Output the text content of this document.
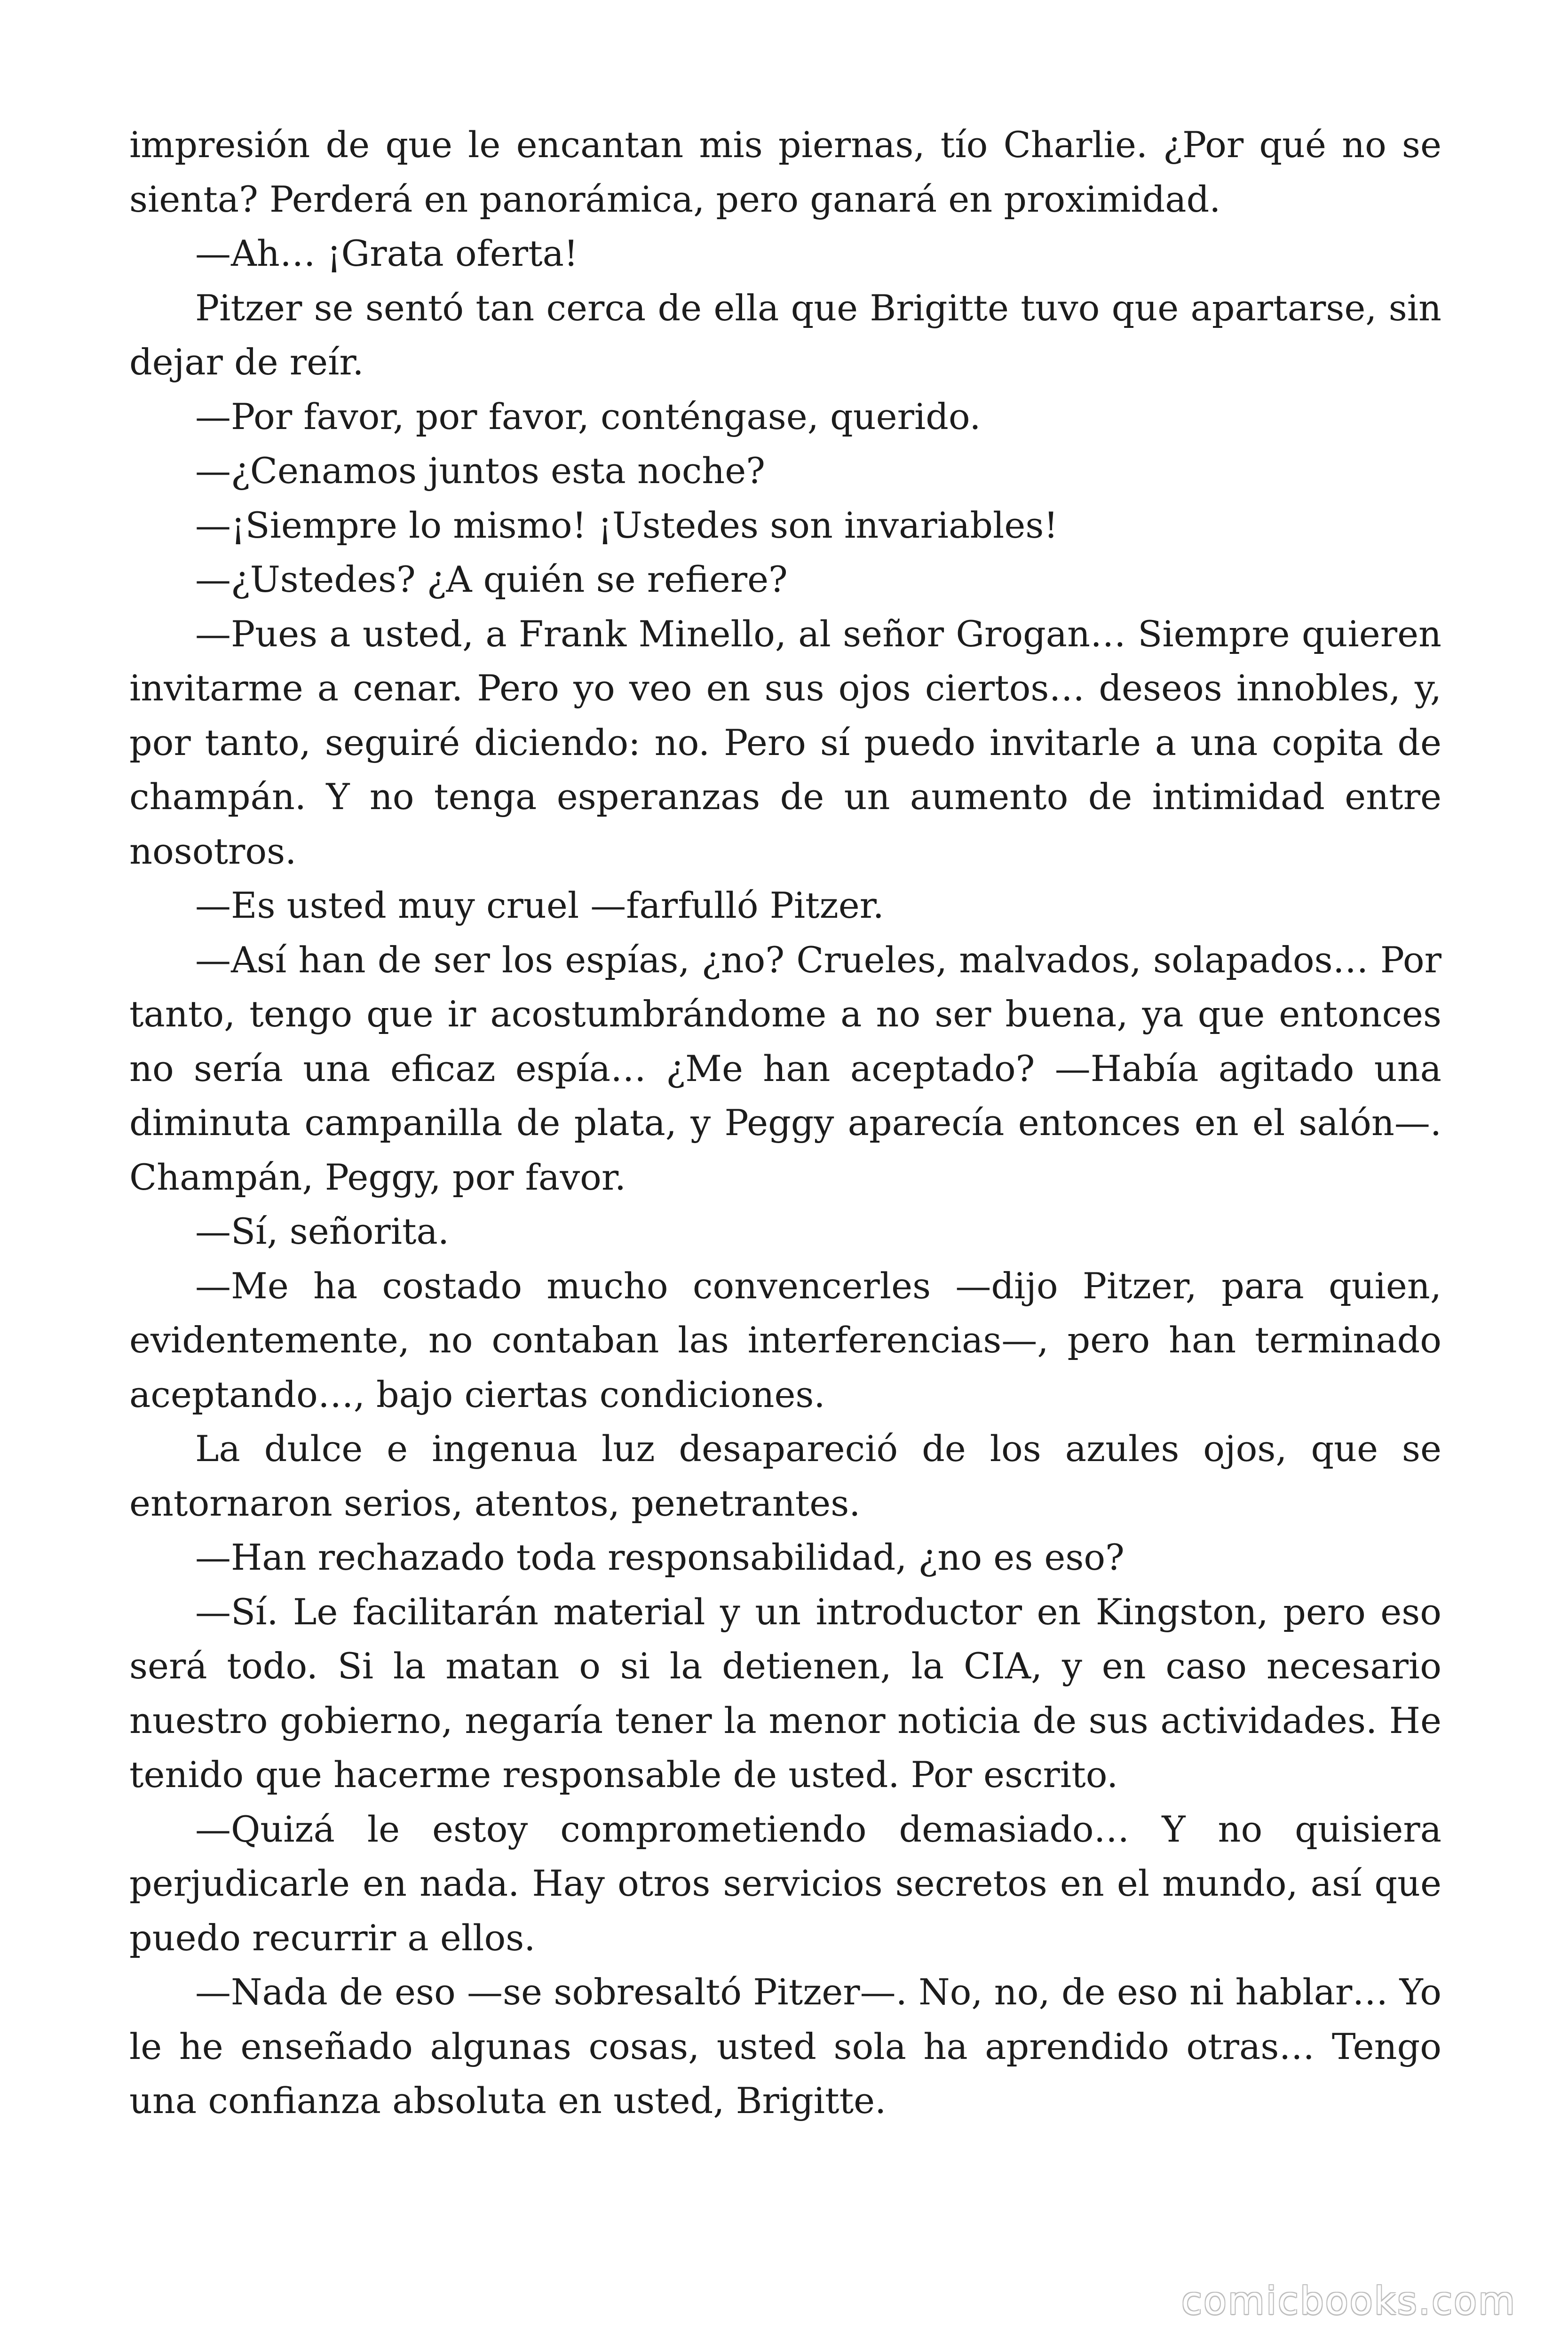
impresión de que le encantan mis piernas, tío Charlie. ¿Por qué no se sienta? Perderá en panorámica, pero ganará en proximidad.

—Ah… ¡Grata oferta!

Pitzer se sentó tan cerca de ella que Brigitte tuvo que apartarse, sin dejar de reír.

—Por favor, por favor, conténgase, querido.

—¿Cenamos juntos esta noche?

—¡Siempre lo mismo! ¡Ustedes son invariables!

—¿Ustedes? ¿A quién se refiere?

—Pues a usted, a Frank Minello, al señor Grogan… Siempre quieren invitarme a cenar. Pero yo veo en sus ojos ciertos… deseos innobles, y, por tanto, seguiré diciendo: no. Pero sí puedo invitarle a una copita de champán. Y no tenga esperanzas de un aumento de intimidad entre nosotros.

—Es usted muy cruel —farfulló Pitzer.

—Así han de ser los espías, ¿no? Crueles, malvados, solapados… Por tanto, tengo que ir acostumbrándome a no ser buena, ya que entonces no sería una eficaz espía… ¿Me han aceptado? —Había agitado una diminuta campanilla de plata, y Peggy aparecía entonces en el salón—. Champán, Peggy, por favor.

—Sí, señorita.

—Me ha costado mucho convencerles —dijo Pitzer, para quien, evidentemente, no contaban las interferencias—, pero han terminado aceptando…, bajo ciertas condiciones.

La dulce e ingenua luz desapareció de los azules ojos, que se entornaron serios, atentos, penetrantes.

—Han rechazado toda responsabilidad, ¿no es eso?

—Sí. Le facilitarán material y un introductor en Kingston, pero eso será todo. Si la matan o si la detienen, la CIA, y en caso necesario nuestro gobierno, negaría tener la menor noticia de sus actividades. He tenido que hacerme responsable de usted. Por escrito.

—Quizá le estoy comprometiendo demasiado… Y no quisiera perjudicarle en nada. Hay otros servicios secretos en el mundo, así que puedo recurrir a ellos.

—Nada de eso —se sobresaltó Pitzer—. No, no, de eso ni hablar… Yo le he enseñado algunas cosas, usted sola ha aprendido otras… Tengo una confianza absoluta en usted, Brigitte.

comicbooks.com
